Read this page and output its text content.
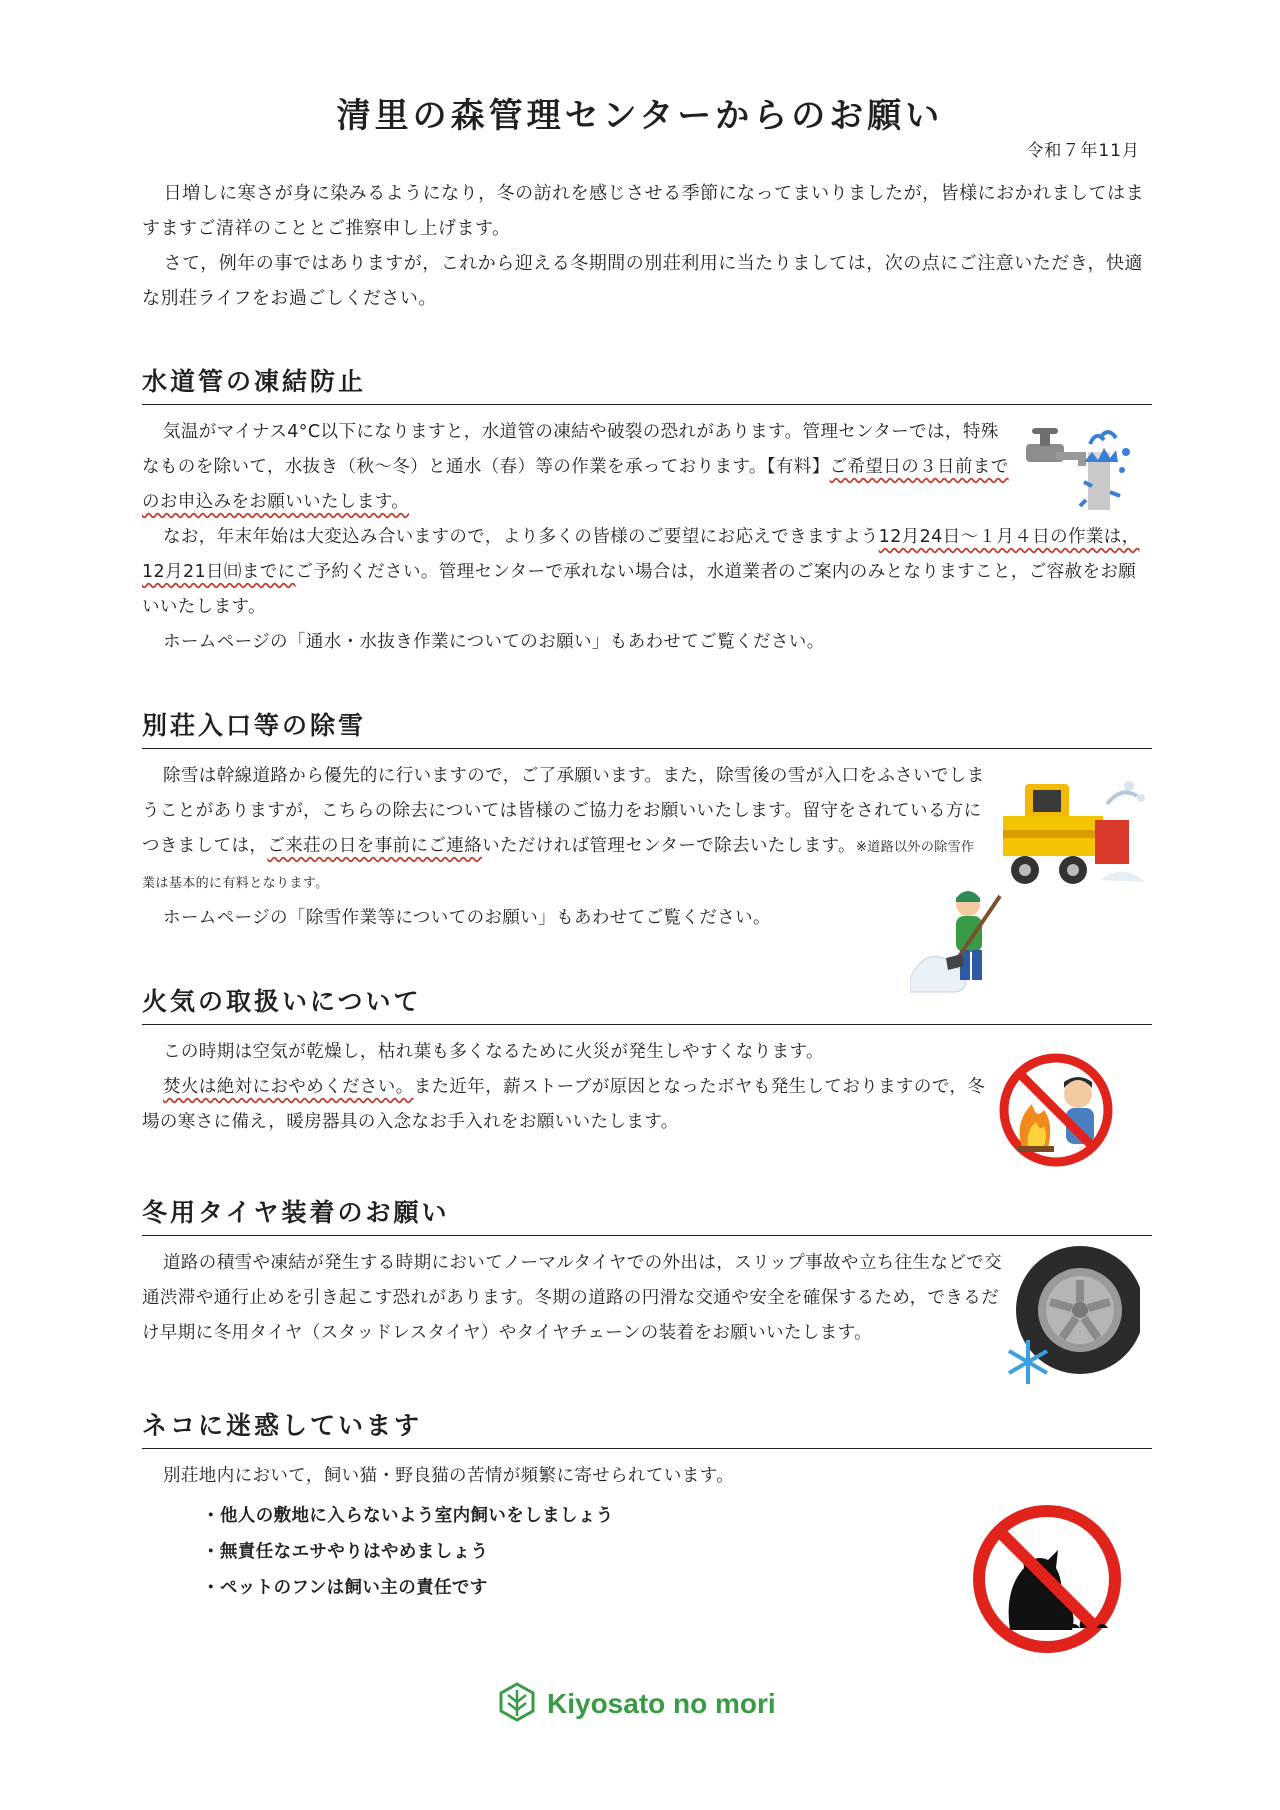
清里の森管理センターからのお願い
令和７年11月

日増しに寒さが身に染みるようになり，冬の訪れを感じさせる季節になってまいりましたが，皆様におかれましてはますますご清祥のこととご推察申し上げます。

さて，例年の事ではありますが，これから迎える冬期間の別荘利用に当たりましては，次の点にご注意いただき，快適な別荘ライフをお過ごしください。

水道管の凍結防止

気温がマイナス4°C以下になりますと，水道管の凍結や破裂の恐れがあります。管理センターでは，特殊なものを除いて，水抜き（秋〜冬）と通水（春）等の作業を承っております。【有料】ご希望日の３日前までのお申込みをお願いいたします。

なお，年末年始は大変込み合いますので，より多くの皆様のご要望にお応えできますよう12月24日〜１月４日の作業は，12月21日㈰までにご予約ください。管理センターで承れない場合は，水道業者のご案内のみとなりますこと，ご容赦をお願いいたします。

ホームページの「通水・水抜き作業についてのお願い」もあわせてご覧ください。

別荘入口等の除雪

除雪は幹線道路から優先的に行いますので，ご了承願います。また，除雪後の雪が入口をふさいでしまうことがありますが，こちらの除去については皆様のご協力をお願いいたします。留守をされている方につきましては，ご来荘の日を事前にご連絡いただければ管理センターで除去いたします。※道路以外の除雪作業は基本的に有料となります。

ホームページの「除雪作業等についてのお願い」もあわせてご覧ください。

火気の取扱いについて

この時期は空気が乾燥し，枯れ葉も多くなるために火災が発生しやすくなります。

焚火は絶対におやめください。また近年，薪ストーブが原因となったボヤも発生しておりますので，冬場の寒さに備え，暖房器具の入念なお手入れをお願いいたします。

冬用タイヤ装着のお願い

道路の積雪や凍結が発生する時期においてノーマルタイヤでの外出は，スリップ事故や立ち往生などで交通渋滞や通行止めを引き起こす恐れがあります。冬期の道路の円滑な交通や安全を確保するため，できるだけ早期に冬用タイヤ（スタッドレスタイヤ）やタイヤチェーンの装着をお願いいたします。

ネコに迷惑しています

別荘地内において，飼い猫・野良猫の苦情が頻繁に寄せられています。

・他人の敷地に入らないよう室内飼いをしましょう
・無責任なエサやりはやめましょう
・ペットのフンは飼い主の責任です
Kiyosato no mori
